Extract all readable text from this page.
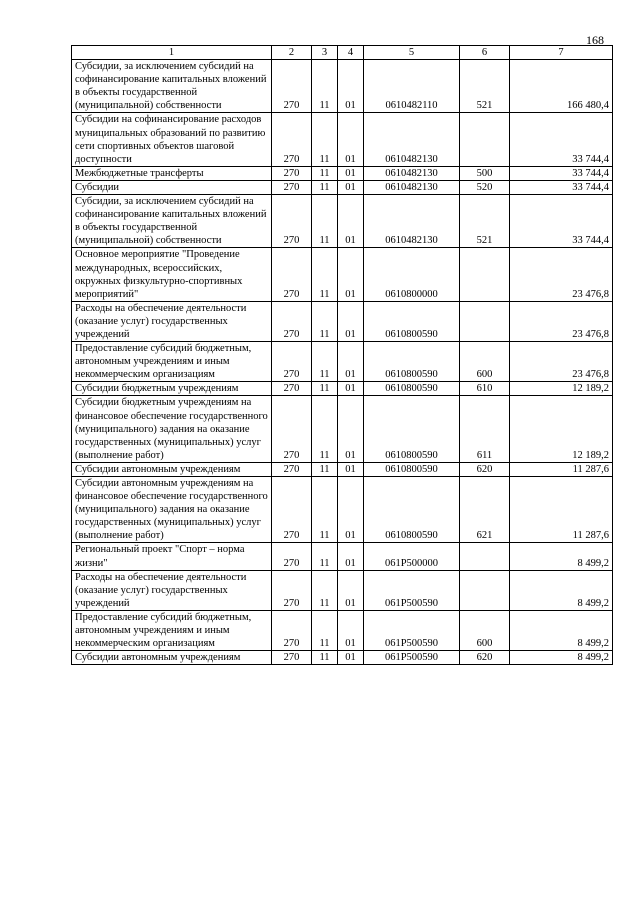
168
1	2	3	4	5	6	7
Субсидии, за исключением субсидий на софинансирование капитальных вложений в объекты государственной (муниципальной) собственности	270	11	01	0610482110	521	166 480,4
Субсидии на софинансирование расходов муниципальных образований по развитию сети спортивных объектов шаговой доступности	270	11	01	0610482130		33 744,4
Межбюджетные трансферты	270	11	01	0610482130	500	33 744,4
Субсидии	270	11	01	0610482130	520	33 744,4
Субсидии, за исключением субсидий на софинансирование капитальных вложений в объекты государственной (муниципальной) собственности	270	11	01	0610482130	521	33 744,4
Основное мероприятие "Проведение международных, всероссийских, окружных физкультурно-спортивных мероприятий"	270	11	01	0610800000		23 476,8
Расходы на обеспечение деятельности (оказание услуг) государственных учреждений	270	11	01	0610800590		23 476,8
Предоставление субсидий бюджетным, автономным учреждениям и иным некоммерческим организациям	270	11	01	0610800590	600	23 476,8
Субсидии бюджетным учреждениям	270	11	01	0610800590	610	12 189,2
Субсидии бюджетным учреждениям на финансовое обеспечение государственного (муниципального) задания на оказание государственных (муниципальных) услуг (выполнение работ)	270	11	01	0610800590	611	12 189,2
Субсидии автономным учреждениям	270	11	01	0610800590	620	11 287,6
Субсидии автономным учреждениям на финансовое обеспечение государственного (муниципального) задания на оказание государственных (муниципальных) услуг (выполнение работ)	270	11	01	0610800590	621	11 287,6
Региональный проект "Спорт – норма жизни"	270	11	01	061P500000		8 499,2
Расходы на обеспечение деятельности (оказание услуг) государственных учреждений	270	11	01	061P500590		8 499,2
Предоставление субсидий бюджетным, автономным учреждениям и иным некоммерческим организациям	270	11	01	061P500590	600	8 499,2
Субсидии автономным учреждениям	270	11	01	061P500590	620	8 499,2
